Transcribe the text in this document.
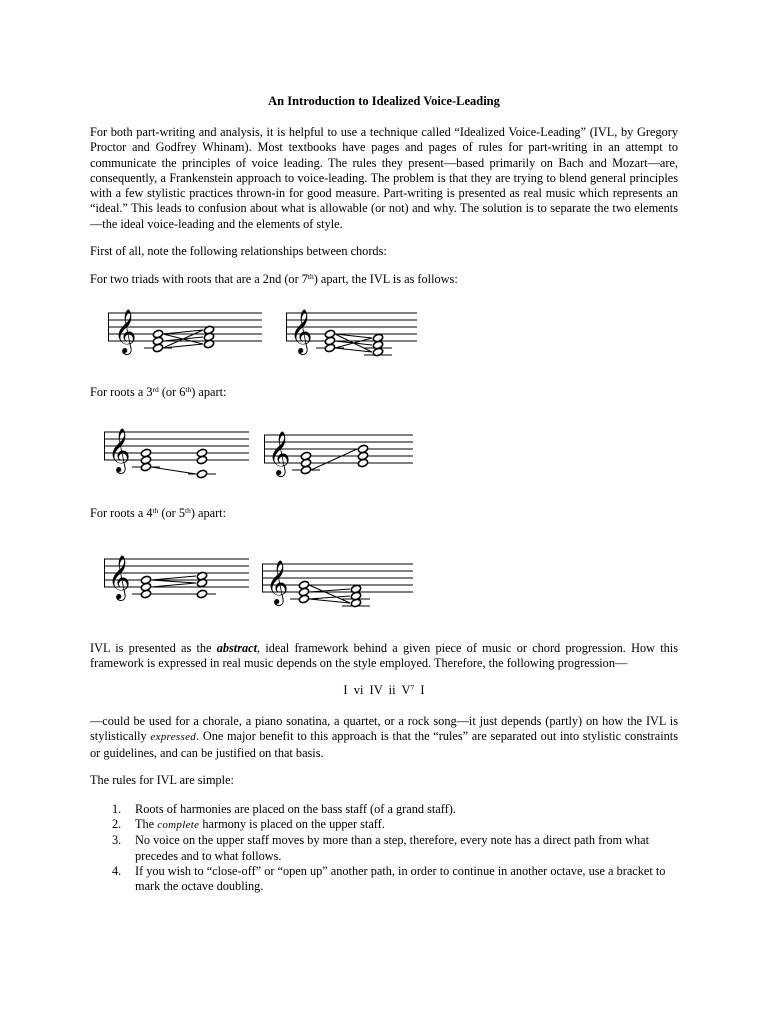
An Introduction to Idealized Voice-Leading

For both part-writing and analysis, it is helpful to use a technique called “Idealized Voice-Leading” (IVL, by Gregory Proctor and Godfrey Whinam). Most textbooks have pages and pages of rules for part-writing in an attempt to communicate the principles of voice leading. The rules they present—based primarily on Bach and Mozart—are, consequently, a Frankenstein approach to voice-leading. The problem is that they are trying to blend general principles with a few stylistic practices thrown-in for good measure. Part-writing is presented as real music which represents an “ideal.” This leads to confusion about what is allowable (or not) and why. The solution is to separate the two elements—the ideal voice-leading and the elements of style.

First of all, note the following relationships between chords:

For two triads with roots that are a 2nd (or 7th) apart, the IVL is as follows:

𝄞	𝄞

For roots a 3rd (or 6th) apart:

𝄞	𝄞

For roots a 4th (or 5th) apart:

𝄞	𝄞

IVL is presented as the abstract, ideal framework behind a given piece of music or chord progression. How this framework is expressed in real music depends on the style employed. Therefore, the following progression—

I vi IV ii $V^7$ I

—could be used for a chorale, a piano sonatina, a quartet, or a rock song—it just depends (partly) on how the IVL is stylistically expressed. One major benefit to this approach is that the “rules” are separated out into stylistic constraints or guidelines, and can be justified on that basis.

The rules for IVL are simple:

1. Roots of harmonies are placed on the bass staff (of a grand staff).
2. The complete harmony is placed on the upper staff.
3. No voice on the upper staff moves by more than a step, therefore, every note has a direct path from what precedes and to what follows.
4. If you wish to “close-off” or “open up” another path, in order to continue in another octave, use a bracket to mark the octave doubling.
